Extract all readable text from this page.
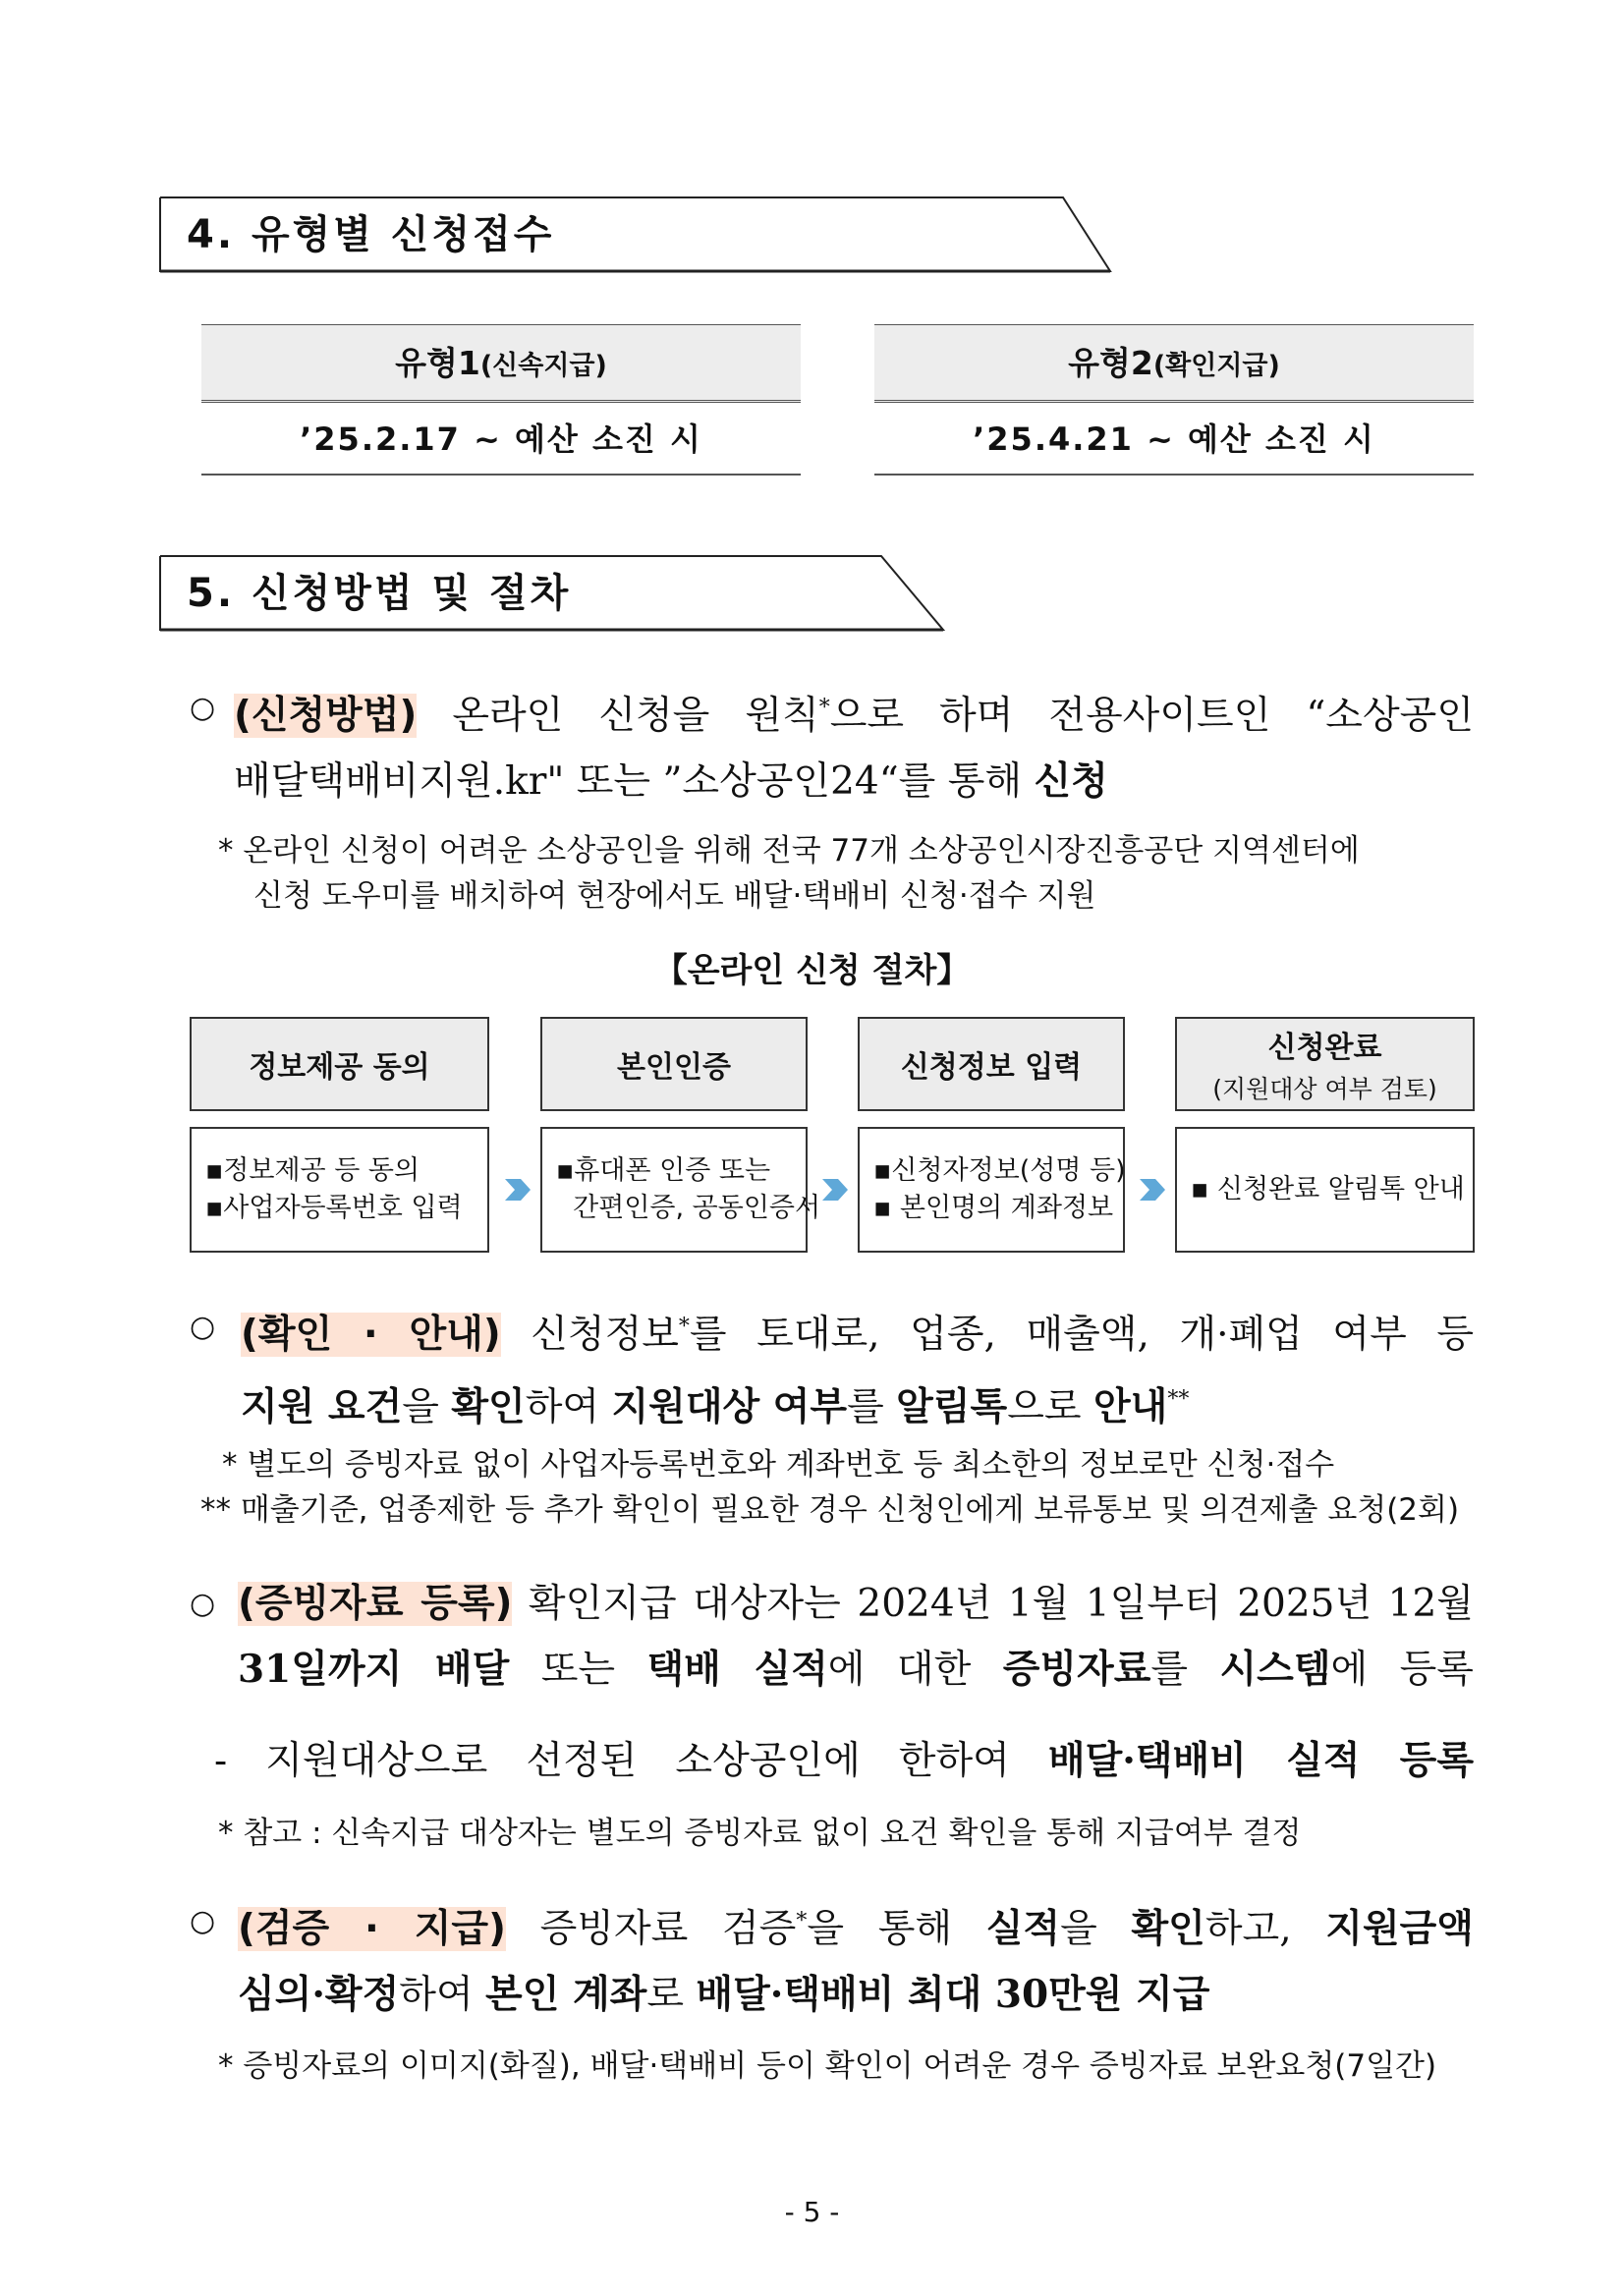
4. 유형별 신청접수
유형1(신속지급)
’25.2.17 ~ 예산 소진 시
유형2(확인지급)
’25.4.21 ~ 예산 소진 시
5. 신청방법 및 절차
○ (신청방법) 온라인 신청을 원칙*으로 하며 전용사이트인 “소상공인
배달택배비지원.kr" 또는 ”소상공인24“를 통해 신청
* 온라인 신청이 어려운 소상공인을 위해 전국 77개 소상공인시장진흥공단 지역센터에
신청 도우미를 배치하여 현장에서도 배달·택배비 신청·접수 지원
【온라인 신청 절차】
정보제공 동의	본인인증	신청정보 입력
신청완료
(지원대상 여부 검토)
▪정보제공 등 동의
▪사업자등록번호 입력
▪휴대폰 인증 또는
간편인증, 공동인증서
▪신청자정보(성명 등)
▪ 본인명의 계좌정보
▪ 신청완료 알림톡 안내
○ (확인 · 안내) 신청정보*를 토대로, 업종, 매출액, 개·폐업 여부 등
지원 요건을 확인하여 지원대상 여부를 알림톡으로 안내**
* 별도의 증빙자료 없이 사업자등록번호와 계좌번호 등 최소한의 정보로만 신청·접수
** 매출기준, 업종제한 등 추가 확인이 필요한 경우 신청인에게 보류통보 및 의견제출 요청(2회)
○ (증빙자료 등록) 확인지급 대상자는 2024년 1월 1일부터 2025년 12월
31일까지 배달 또는 택배 실적에 대한 증빙자료를 시스템에 등록
- 지원대상으로 선정된 소상공인에 한하여 배달·택배비 실적 등록
* 참고 : 신속지급 대상자는 별도의 증빙자료 없이 요건 확인을 통해 지급여부 결정
○ (검증 · 지급) 증빙자료 검증*을 통해 실적을 확인하고, 지원금액
심의·확정하여 본인 계좌로 배달·택배비 최대 30만원 지급
* 증빙자료의 이미지(화질), 배달·택배비 등이 확인이 어려운 경우 증빙자료 보완요청(7일간)
- 5 -
